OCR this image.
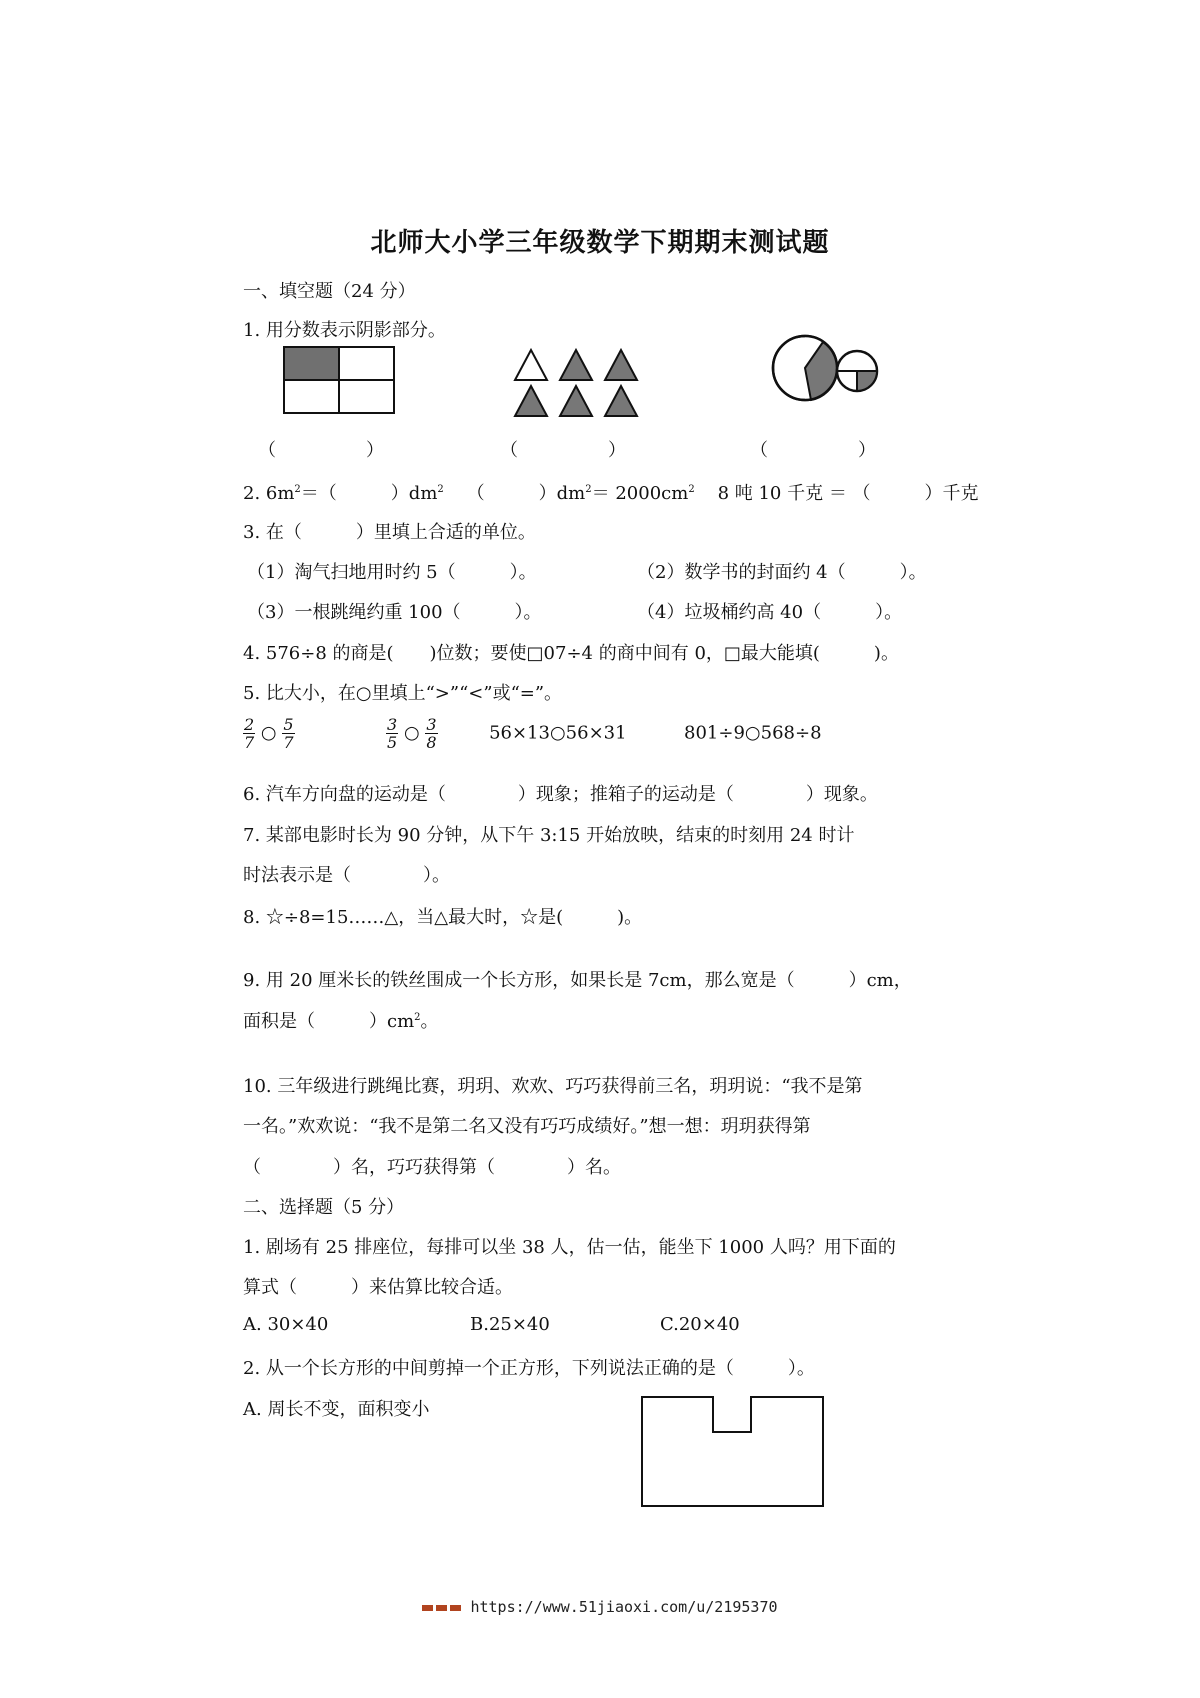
北师大小学三年级数学下期期末测试题
一、填空题（24 分）
1. 用分数表示阴影部分。
（　　　　　）	（　　　　　）	（　　　　　）
2. $6m^2=$（　　　）$dm^2$ （　　　）$dm^2= 2000cm^2$ 8 吨 10 千克 ＝ （　　　）千克
3. 在（　　　）里填上合适的单位。
（1）淘气扫地用时约 5（　　　）。	（2）数学书的封面约 4（　　　）。
（3）一根跳绳约重 100（　　　）。	（4）垃圾桶约高 40（　　　）。
4. 576÷8 的商是(　　)位数；要使□07÷4 的商中间有 0，□最大能填(　　　)。
5. 比大小，在○里填上“>”“<”或“=”。
$\frac{2}{7}$ ○ $\frac{5}{7}$
	$\frac{3}{5}$ ○ $\frac{3}{8}$	56×13○56×31	801÷9○568÷8
6. 汽车方向盘的运动是（　　　　）现象；推箱子的运动是（　　　　）现象。
7. 某部电影时长为 90 分钟，从下午 3:15 开始放映，结束的时刻用 24 时计
时法表示是（　　　　）。
8. ☆÷8=15……△，当△最大时，☆是(　　　)。
9. 用 20 厘米长的铁丝围成一个长方形，如果长是 7cm，那么宽是（　　　）cm，
面积是（　　　）$cm^2$。
10. 三年级进行跳绳比赛，玥玥、欢欢、巧巧获得前三名，玥玥说：“我不是第
一名。”欢欢说：“我不是第二名又没有巧巧成绩好。”想一想：玥玥获得第
（　　　　）名，巧巧获得第（　　　　）名。
二、选择题（5 分）
1. 剧场有 25 排座位，每排可以坐 38 人，估一估，能坐下 1000 人吗？用下面的
算式（　　　）来估算比较合适。
A. 30×40	B.25×40	C.20×40
2. 从一个长方形的中间剪掉一个正方形，下列说法正确的是（　　　）。
A. 周长不变，面积变小
https://www.51jiaoxi.com/u/2195370
